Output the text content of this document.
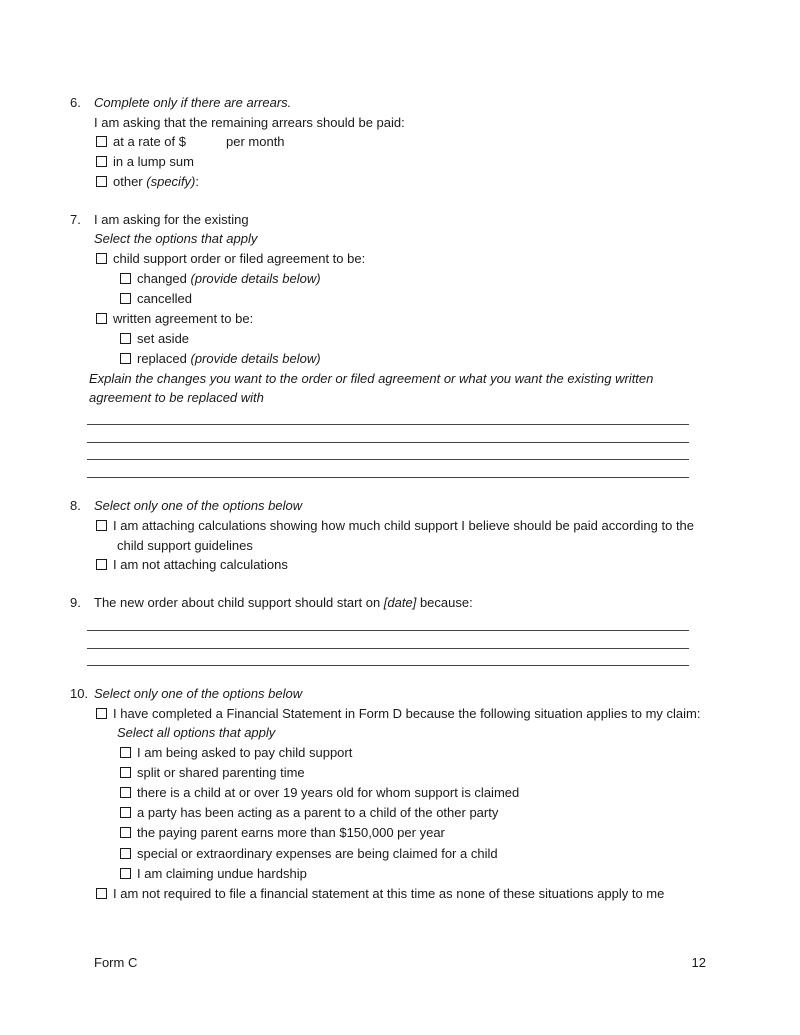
6. Complete only if there are arrears.
I am asking that the remaining arrears should be paid:
at a rate of $	per month
in a lump sum
other (specify):
7. I am asking for the existing
Select the options that apply
child support order or filed agreement to be:
changed (provide details below)
cancelled
written agreement to be:
set aside
replaced (provide details below)
Explain the changes you want to the order or filed agreement or what you want the existing written
agreement to be replaced with
8. Select only one of the options below
I am attaching calculations showing how much child support I believe should be paid according to the
child support guidelines
I am not attaching calculations
9. The new order about child support should start on [date] because:
10. Select only one of the options below
I have completed a Financial Statement in Form D because the following situation applies to my claim:
Select all options that apply
I am being asked to pay child support
split or shared parenting time
there is a child at or over 19 years old for whom support is claimed
a party has been acting as a parent to a child of the other party
the paying parent earns more than $150,000 per year
special or extraordinary expenses are being claimed for a child
I am claiming undue hardship
I am not required to file a financial statement at this time as none of these situations apply to me
Form C	12
